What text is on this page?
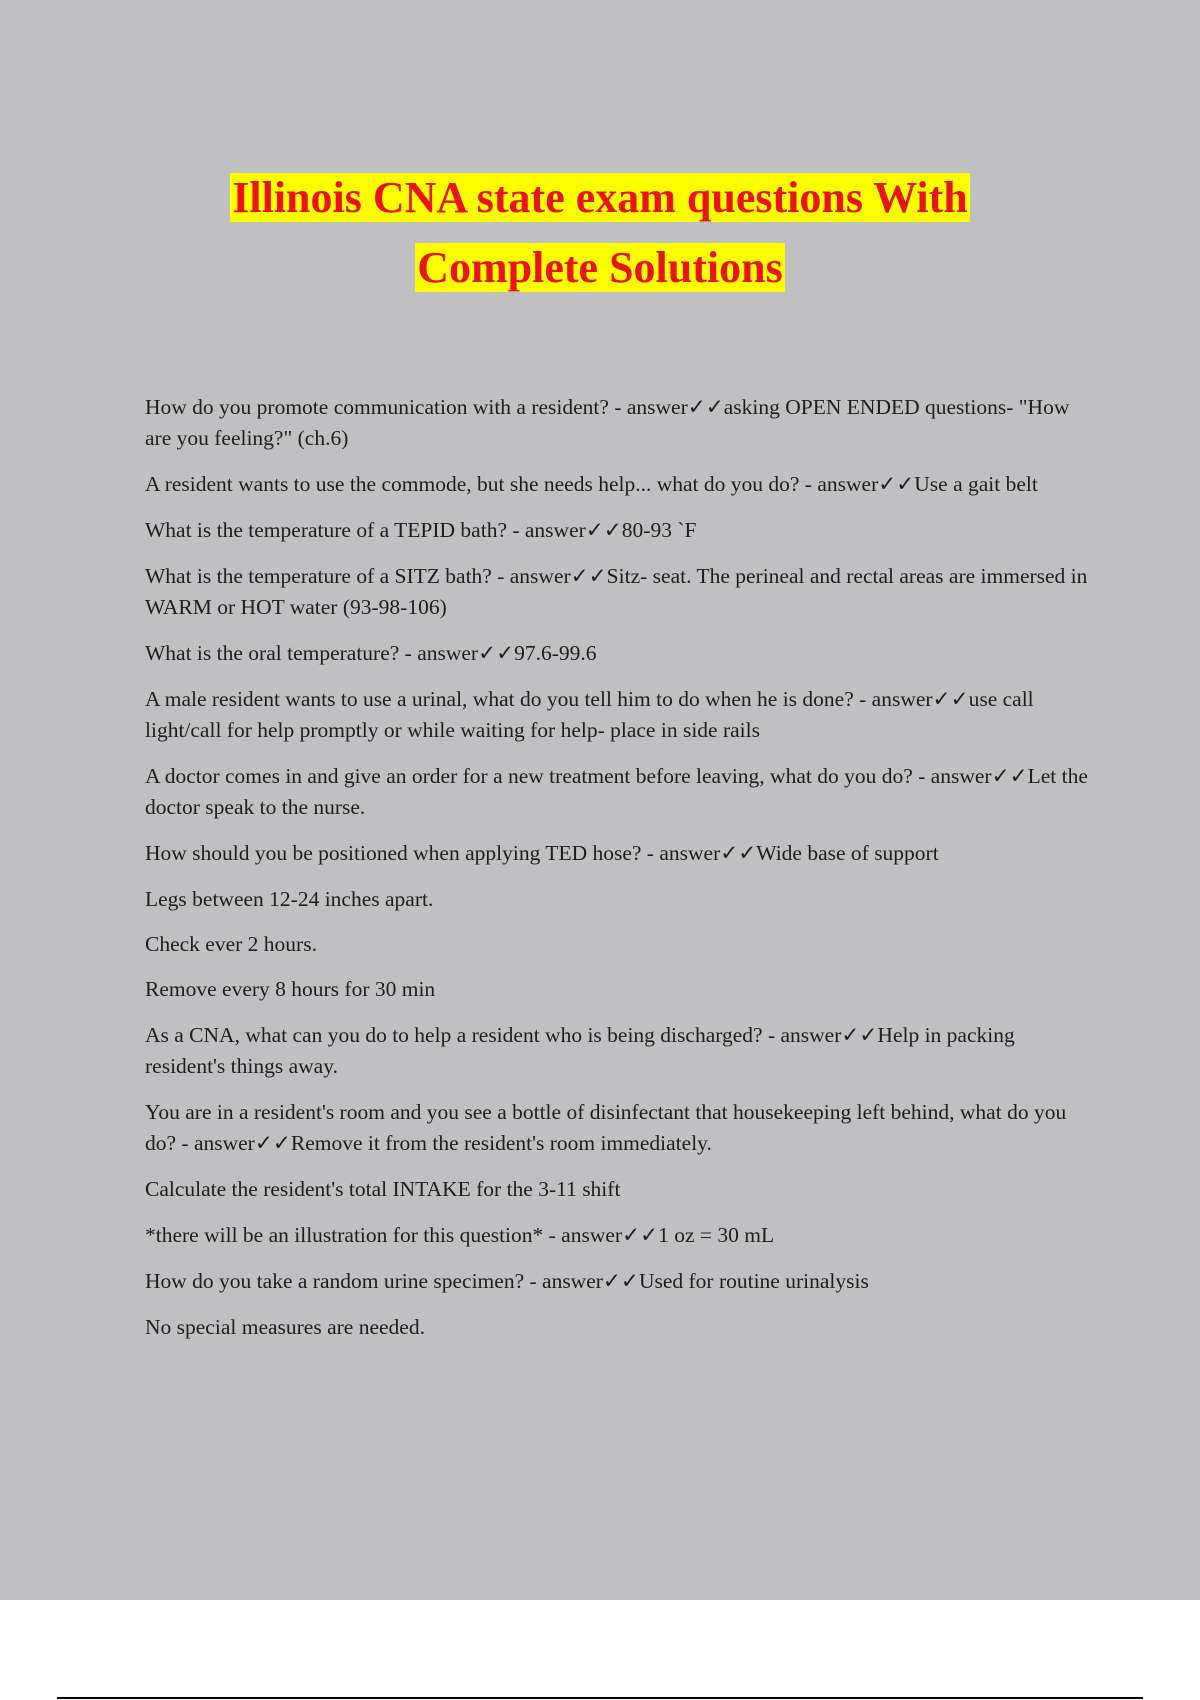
Illinois CNA state exam questions With
Complete Solutions

How do you promote communication with a resident? - answer✓✓asking OPEN ENDED questions- "How are you feeling?" (ch.6)

A resident wants to use the commode, but she needs help... what do you do? - answer✓✓Use a gait belt

What is the temperature of a TEPID bath? - answer✓✓80-93 `F

What is the temperature of a SITZ bath? - answer✓✓Sitz- seat. The perineal and rectal areas are immersed in WARM or HOT water (93-98-106)

What is the oral temperature? - answer✓✓97.6-99.6

A male resident wants to use a urinal, what do you tell him to do when he is done? - answer✓✓use call light/call for help promptly or while waiting for help- place in side rails

A doctor comes in and give an order for a new treatment before leaving, what do you do? - answer✓✓Let the doctor speak to the nurse.

How should you be positioned when applying TED hose? - answer✓✓Wide base of support

Legs between 12-24 inches apart.

Check ever 2 hours.

Remove every 8 hours for 30 min

As a CNA, what can you do to help a resident who is being discharged? - answer✓✓Help in packing resident's things away.

You are in a resident's room and you see a bottle of disinfectant that housekeeping left behind, what do you do? - answer✓✓Remove it from the resident's room immediately.

Calculate the resident's total INTAKE for the 3-11 shift

*there will be an illustration for this question* - answer✓✓1 oz = 30 mL

How do you take a random urine specimen? - answer✓✓Used for routine urinalysis

No special measures are needed.
